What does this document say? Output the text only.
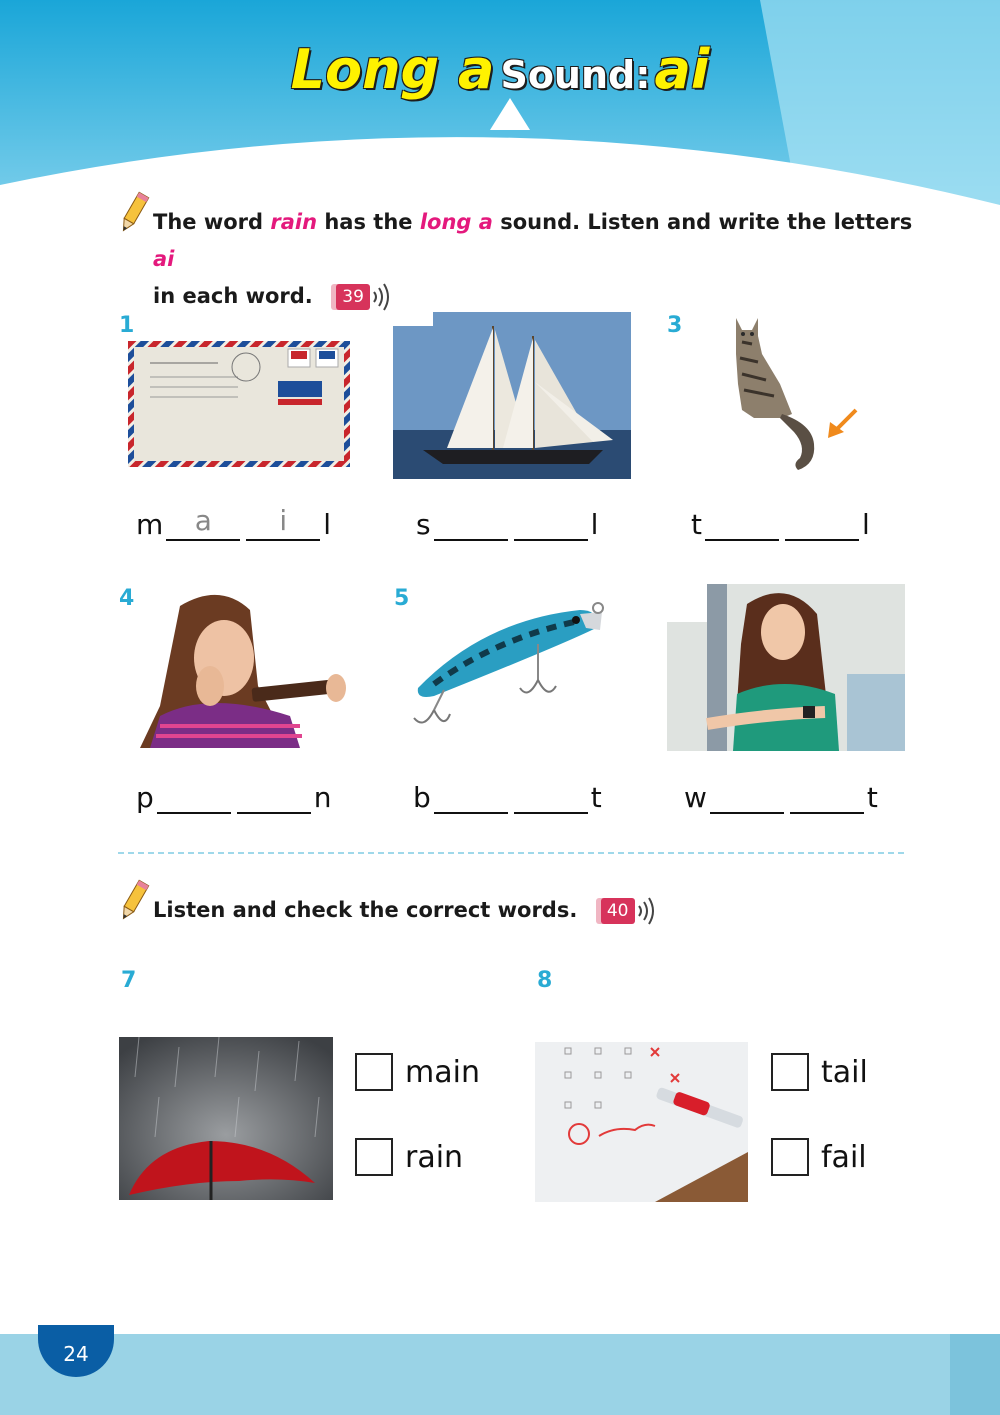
Long a Sound:ai
The word rain has the long a sound. Listen and write the letters ai
in each word.	39
1	3
m	a	i	l	s	l	t	l
4	5
p	n	b	t	w	t
Listen and check the correct words.	40
7
main
rain
8
tail
fail
24
